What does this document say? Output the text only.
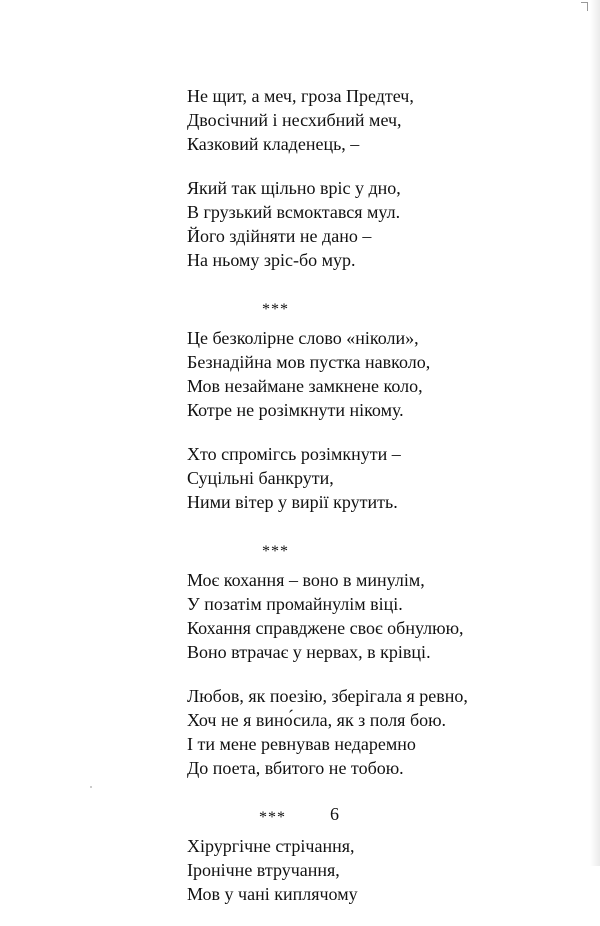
Не щит, а меч, гроза Предтеч,
Двосічний і несхибний меч,
Казковий кладенець, –
Який так щільно вріс у дно,
В грузький всмоктався мул.
Його здійняти не дано –
На ньому зріс-бо мур.
***
Це безколірне слово «ніколи»,
Безнадійна мов пустка навколо,
Мов незаймане замкнене коло,
Котре не розімкнути нікому.
Хто спромігсь розімкнути –
Суцільні банкрути,
Ними вітер у вирії крутить.
***
Моє кохання – воно в минулім,
У позатім промайнулім віці.
Кохання справджене своє обнулюю,
Воно втрачає у нервах, в крівці.
Любов, як поезію, зберігала я ревно,
Хоч не я вино́сила, як з поля бою.
І ти мене ревнував недаремно
До поета, вбитого не тобою.
***
Хірургічне стрічання,
Іронічне втручання,
Мов у чані киплячому
6
